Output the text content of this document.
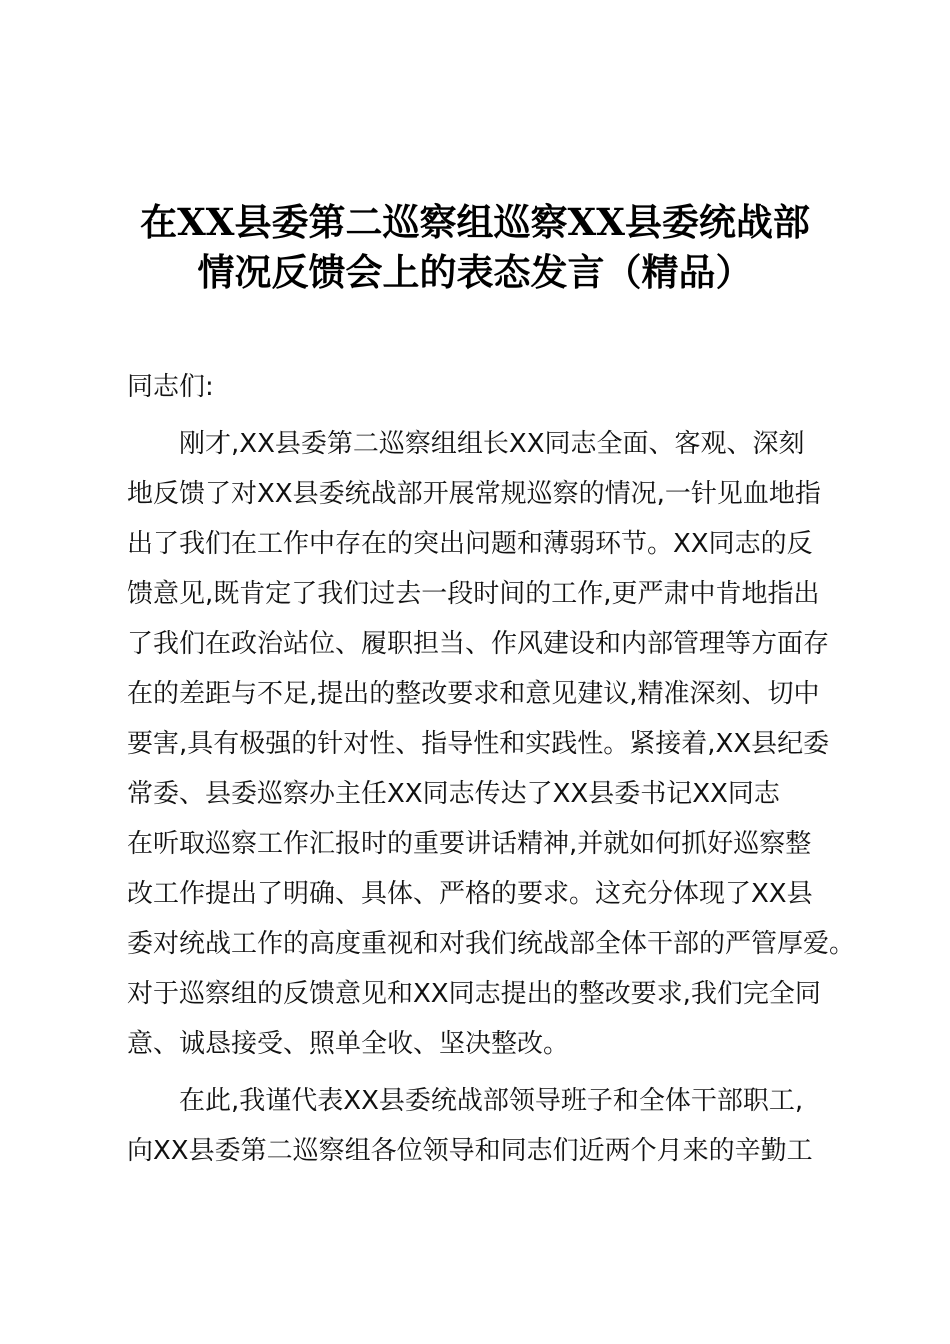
在XX县委第二巡察组巡察XX县委统战部
情况反馈会上的表态发言（精品）
同志们:
刚才,XX县委第二巡察组组长XX同志全面、客观、深刻
地反馈了对XX县委统战部开展常规巡察的情况,一针见血地指
出了我们在工作中存在的突出问题和薄弱环节。XX同志的反
馈意见,既肯定了我们过去一段时间的工作,更严肃中肯地指出
了我们在政治站位、履职担当、作风建设和内部管理等方面存
在的差距与不足,提出的整改要求和意见建议,精准深刻、切中
要害,具有极强的针对性、指导性和实践性。紧接着,XX县纪委
常委、县委巡察办主任XX同志传达了XX县委书记XX同志
在听取巡察工作汇报时的重要讲话精神,并就如何抓好巡察整
改工作提出了明确、具体、严格的要求。这充分体现了XX县
委对统战工作的高度重视和对我们统战部全体干部的严管厚爱。
对于巡察组的反馈意见和XX同志提出的整改要求,我们完全同
意、诚恳接受、照单全收、坚决整改。
在此,我谨代表XX县委统战部领导班子和全体干部职工,
向XX县委第二巡察组各位领导和同志们近两个月来的辛勤工
